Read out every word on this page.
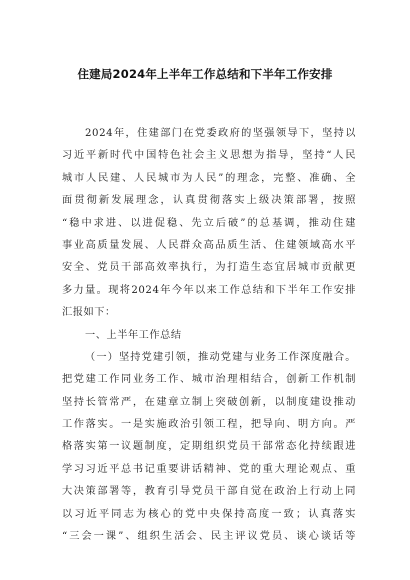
住建局2024年上半年工作总结和下半年工作安排
2024年，住建部门在党委政府的坚强领导下，坚持以
习近平新时代中国特色社会主义思想为指导，坚持“人民
城市人民建、人民城市为人民”的理念，完整、准确、全
面贯彻新发展理念，认真贯彻落实上级决策部署，按照
“稳中求进、以进促稳、先立后破”的总基调，推动住建
事业高质量发展、人民群众高品质生活、住建领域高水平
安全、党员干部高效率执行，为打造生态宜居城市贡献更
多力量。现将2024年今年以来工作总结和下半年工作安排
汇报如下：
一、上半年工作总结
（一）坚持党建引领，推动党建与业务工作深度融合。
把党建工作同业务工作、城市治理相结合，创新工作机制
坚持长管常严，在建章立制上突破创新，以制度建设推动
工作落实。一是实施政治引领工程，把导向、明方向。严
格落实第一议题制度，定期组织党员干部常态化持续跟进
学习习近平总书记重要讲话精神、党的重大理论观点、重
大决策部署等，教育引导党员干部自觉在政治上行动上同
以习近平同志为核心的党中央保持高度一致；认真落实
“三会一课”、组织生活会、民主评议党员、谈心谈话等
